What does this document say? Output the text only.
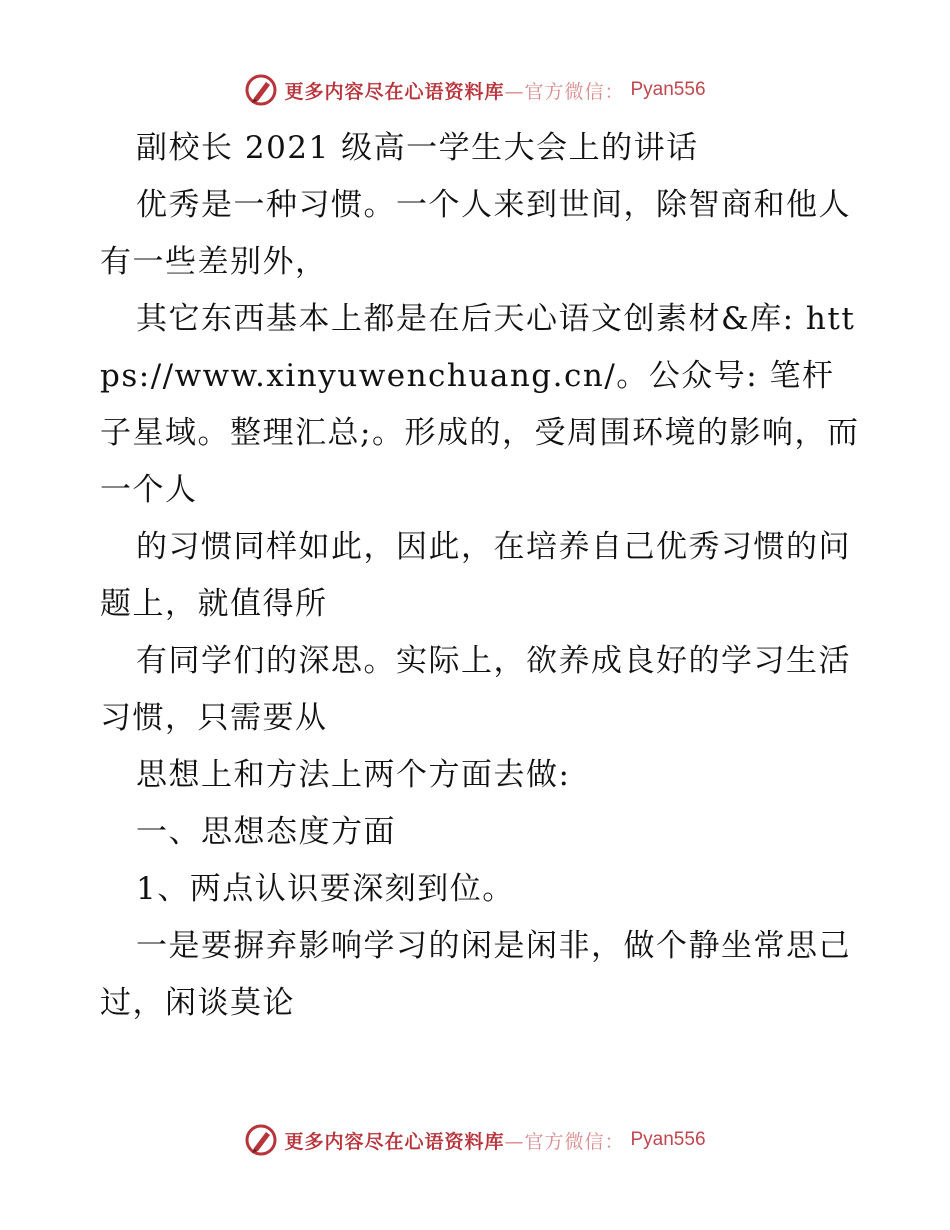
更多内容尽在心语资料库—官方微信： Pyan556

副校长 2021 级高一学生大会上的讲话

优秀是一种习惯。一个人来到世间，除智商和他人有一些差别外，

其它东西基本上都是在后天心语文创素材&库: https://www.xinyuwenchuang.cn/。公众号: 笔杆子星域。整理汇总;。形成的，受周围环境的影响，而一个人

的习惯同样如此，因此，在培养自己优秀习惯的问题上，就值得所

有同学们的深思。实际上，欲养成良好的学习生活习惯，只需要从

思想上和方法上两个方面去做:

一、思想态度方面

1、两点认识要深刻到位。

一是要摒弃影响学习的闲是闲非，做个静坐常思己过，闲谈莫论

更多内容尽在心语资料库—官方微信： Pyan556
